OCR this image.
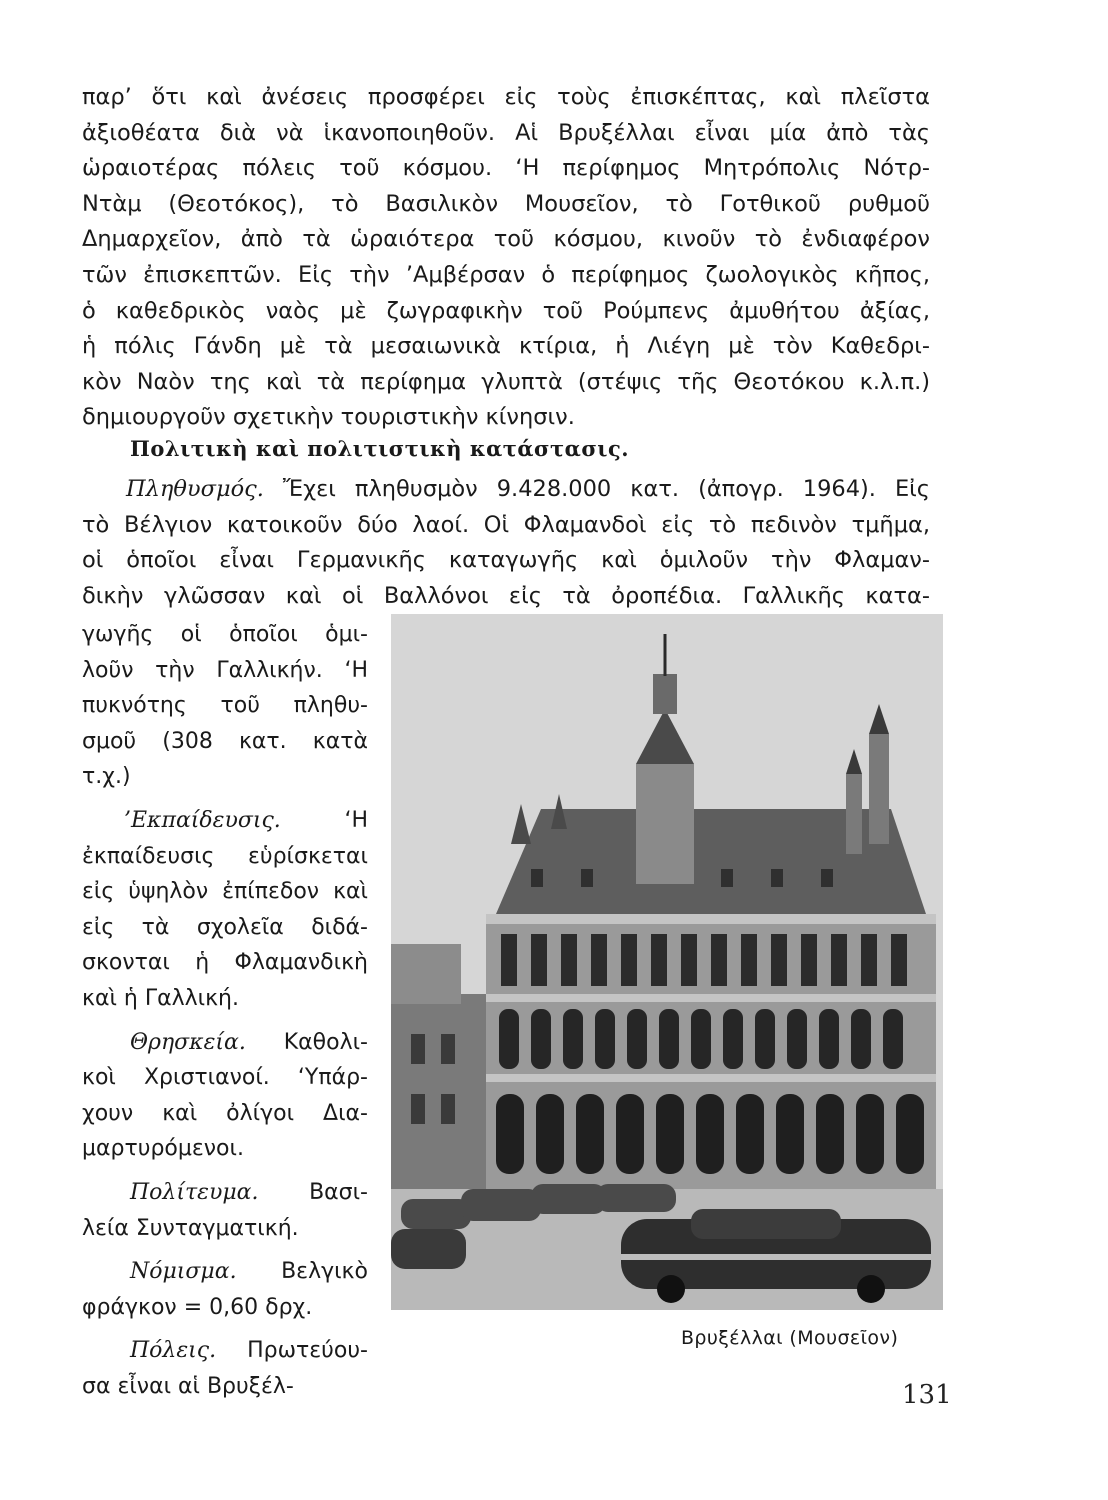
παρ’ ὅτι καὶ ἀνέσεις προσφέρει εἰς τοὺς ἐπισκέπτας, καὶ πλεῖστα
ἀξιοθέατα διὰ νὰ ἱκανοποιηθοῦν. Αἱ Βρυξέλλαι εἶναι μία ἀπὸ τὰς
ὡραιοτέρας πόλεις τοῦ κόσμου. ‘Η περίφημος Μητρόπολις Νότρ-
Ντὰμ (Θεοτόκος), τὸ Βασιλικὸν Μουσεῖον, τὸ Γοτθικοῦ ρυθμοῦ
Δημαρχεῖον, ἀπὸ τὰ ὡραιότερα τοῦ κόσμου, κινοῦν τὸ ἐνδιαφέρον
τῶν ἐπισκεπτῶν. Εἰς τὴν ’Αμβέρσαν ὁ περίφημος ζωολογικὸς κῆπος,
ὁ καθεδρικὸς ναὸς μὲ ζωγραφικὴν τοῦ Ρούμπενς ἀμυθήτου ἀξίας,
ἡ πόλις Γάνδη μὲ τὰ μεσαιωνικὰ κτίρια, ἡ Λιέγη μὲ τὸν Καθεδρι-
κὸν Ναὸν της καὶ τὰ περίφημα γλυπτὰ (στέψις τῆς Θεοτόκου κ.λ.π.)
δημιουργοῦν σχετικὴν τουριστικὴν κίνησιν.

Πολιτικὴ καὶ πολιτιστικὴ κατάστασις.

Πληθυσμός. Ἔχει πληθυσμὸν 9.428.000 κατ. (ἀπογρ. 1964). Εἰς
τὸ Βέλγιον κατοικοῦν δύο λαοί. Οἱ Φλαμανδοὶ εἰς τὸ πεδινὸν τμῆμα,
οἱ ὁποῖοι εἶναι Γερμανικῆς καταγωγῆς καὶ ὁμιλοῦν τὴν Φλαμαν-
δικὴν γλῶσσαν καὶ οἱ Βαλλόνοι εἰς τὰ ὀροπέδια. Γαλλικῆς κατα-

γωγῆς οἱ ὁποῖοι ὁμι-
λοῦν τὴν Γαλλικήν. ‘Η
πυκνότης τοῦ πληθυ-
σμοῦ (308 κατ. κατὰ
τ.χ.)
’Εκπαίδευσις.	‘Η
ἐκπαίδευσις εὑρίσκεται
εἰς ὑψηλὸν ἐπίπεδον καὶ
εἰς τὰ σχολεῖα διδά-
σκονται ἡ Φλαμανδικὴ
καὶ ἡ Γαλλική.
Θρησκεία. Καθολι-
κοὶ Χριστιανοί. ‘Υπάρ-
χουν καὶ ὀλίγοι Δια-
μαρτυρόμενοι.
Πολίτευμα. Βασι-
λεία Συνταγματική.
Νόμισμα. Βελγικὸ
φράγκον = 0,60 δρχ.
Πόλεις. Πρωτεύου-
σα εἶναι αἱ Βρυξέλ-

Βρυξέλλαι (Μουσεῖον)

131
